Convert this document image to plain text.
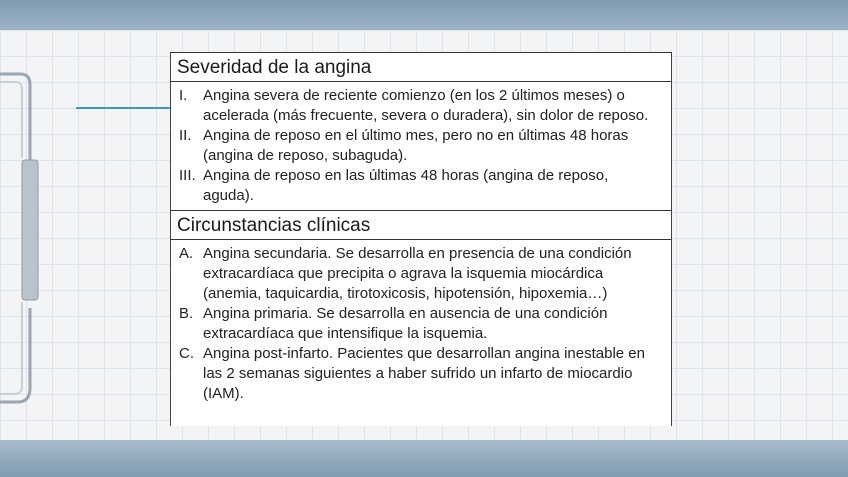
Severidad de la angina
I.	Angina severa de reciente comienzo (en los 2 últimos meses) o acelerada (más frecuente, severa o duradera), sin dolor de reposo.
II. Angina de reposo en el último mes, pero no en últimas 48 horas (angina de reposo, subaguda).
III. Angina de reposo en las últimas 48 horas (angina de reposo, aguda).
Circunstancias clínicas
A. Angina secundaria. Se desarrolla en presencia de una condición extracardíaca que precipita o agrava la isquemia miocárdica (anemia, taquicardia, tirotoxicosis, hipotensión, hipoxemia…)
B. Angina primaria. Se desarrolla en ausencia de una condición extracardíaca que intensifique la isquemia.
C. Angina post-infarto. Pacientes que desarrollan angina inestable en las 2 semanas siguientes a haber sufrido un infarto de miocardio (IAM).
